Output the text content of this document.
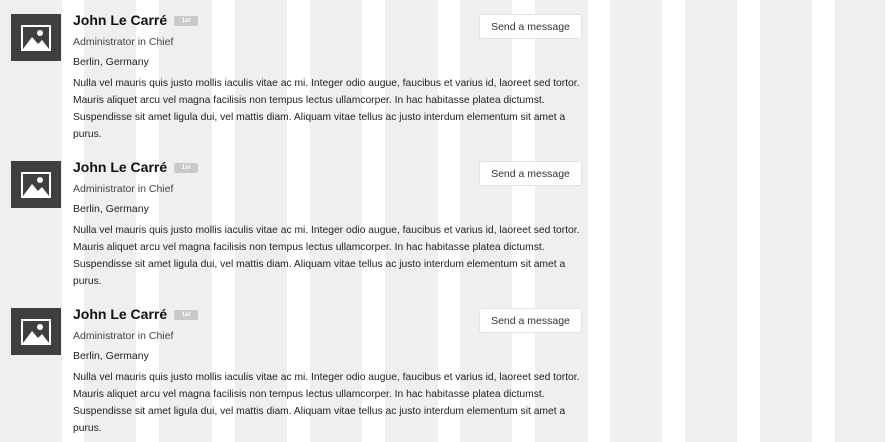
John Le Carré	1st
Administrator in Chief
Berlin, Germany

Nulla vel mauris quis justo mollis iaculis vitae ac mi. Integer odio augue, faucibus et varius id, laoreet sed tortor. Mauris aliquet arcu vel magna facilisis non tempus lectus ullamcorper. In hac habitasse platea dictumst. Suspendisse sit amet ligula dui, vel mattis diam. Aliquam vitae tellus ac justo interdum elementum sit amet a purus.

Send a message
John Le Carré	1st
Administrator in Chief
Berlin, Germany

Nulla vel mauris quis justo mollis iaculis vitae ac mi. Integer odio augue, faucibus et varius id, laoreet sed tortor. Mauris aliquet arcu vel magna facilisis non tempus lectus ullamcorper. In hac habitasse platea dictumst. Suspendisse sit amet ligula dui, vel mattis diam. Aliquam vitae tellus ac justo interdum elementum sit amet a purus.

Send a message
John Le Carré	1st
Administrator in Chief
Berlin, Germany

Nulla vel mauris quis justo mollis iaculis vitae ac mi. Integer odio augue, faucibus et varius id, laoreet sed tortor. Mauris aliquet arcu vel magna facilisis non tempus lectus ullamcorper. In hac habitasse platea dictumst. Suspendisse sit amet ligula dui, vel mattis diam. Aliquam vitae tellus ac justo interdum elementum sit amet a purus.

Send a message
